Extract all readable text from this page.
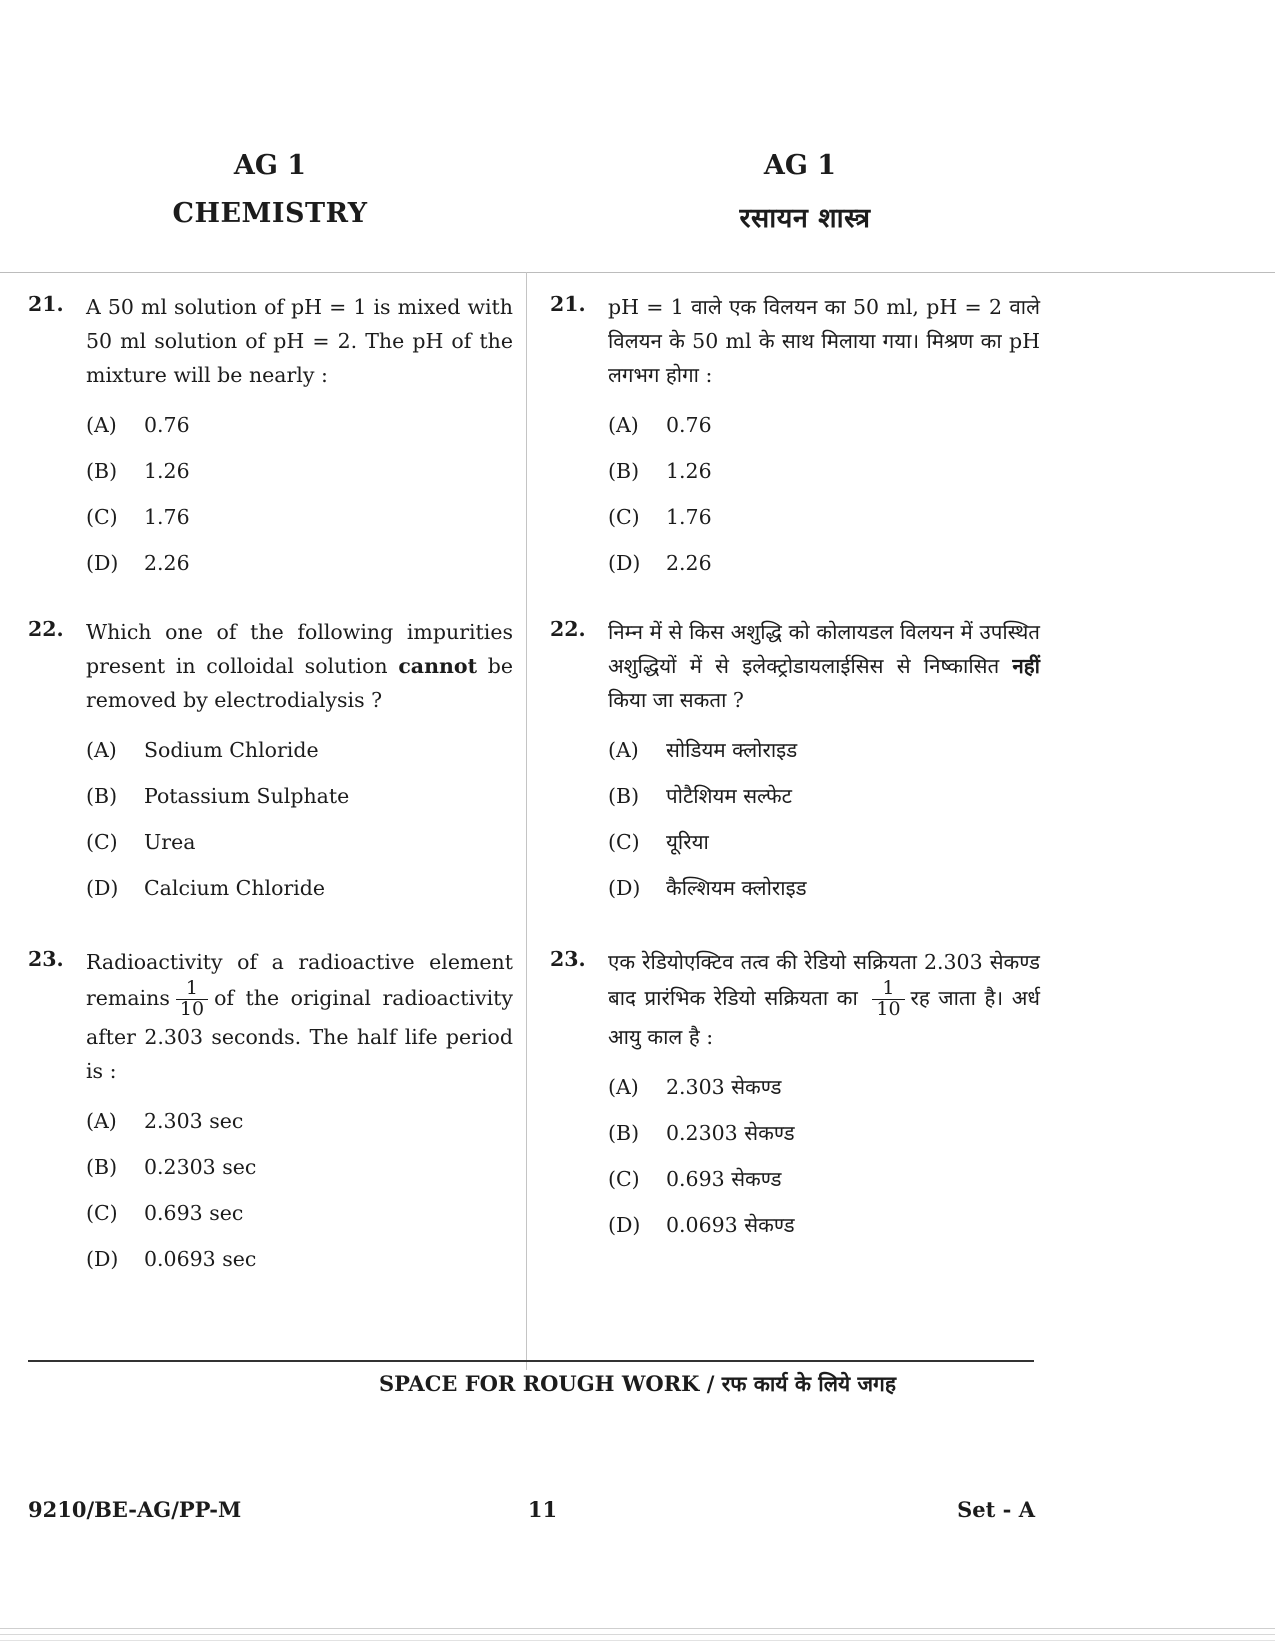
AG 1
CHEMISTRY
AG 1
रसायन शास्त्र
21.	A 50 ml solution of pH = 1 is mixed with 50 ml solution of pH = 2. The pH of the mixture will be nearly :
(A)	0.76
(B)	1.26
(C)	1.76
(D)	2.26
22.	Which one of the following impurities present in colloidal solution cannot be removed by electrodialysis ?
(A)	Sodium Chloride
(B)	Potassium Sulphate
(C)	Urea
(D)	Calcium Chloride
23.	Radioactivity of a radioactive element remains $\frac{1}{10}$ of the original radioactivity after 2.303 seconds. The half life period is :
(A)	2.303 sec
(B)	0.2303 sec
(C)	0.693 sec
(D)	0.0693 sec
21.	pH = 1 वाले एक विलयन का 50 ml, pH = 2 वाले विलयन के 50 ml के साथ मिलाया गया। मिश्रण का pH लगभग होगा :
(A)	0.76
(B)	1.26
(C)	1.76
(D)	2.26
22.	निम्न में से किस अशुद्धि को कोलायडल विलयन में उपस्थित अशुद्धियों में से इलेक्ट्रोडायलाईसिस से निष्कासित नहीं किया जा सकता ?
(A)	सोडियम क्लोराइड
(B)	पोटैशियम सल्फेट
(C)	यूरिया
(D)	कैल्शियम क्लोराइड
23.	एक रेडियोएक्टिव तत्व की रेडियो सक्रियता 2.303 सेकण्ड बाद प्रारंभिक रेडियो सक्रियता का $\frac{1}{10}$ रह जाता है। अर्ध आयु काल है :
(A)	2.303 सेकण्ड
(B)	0.2303 सेकण्ड
(C)	0.693 सेकण्ड
(D)	0.0693 सेकण्ड
SPACE FOR ROUGH WORK / रफ कार्य के लिये जगह
9210/BE-AG/PP-M	11	Set - A
